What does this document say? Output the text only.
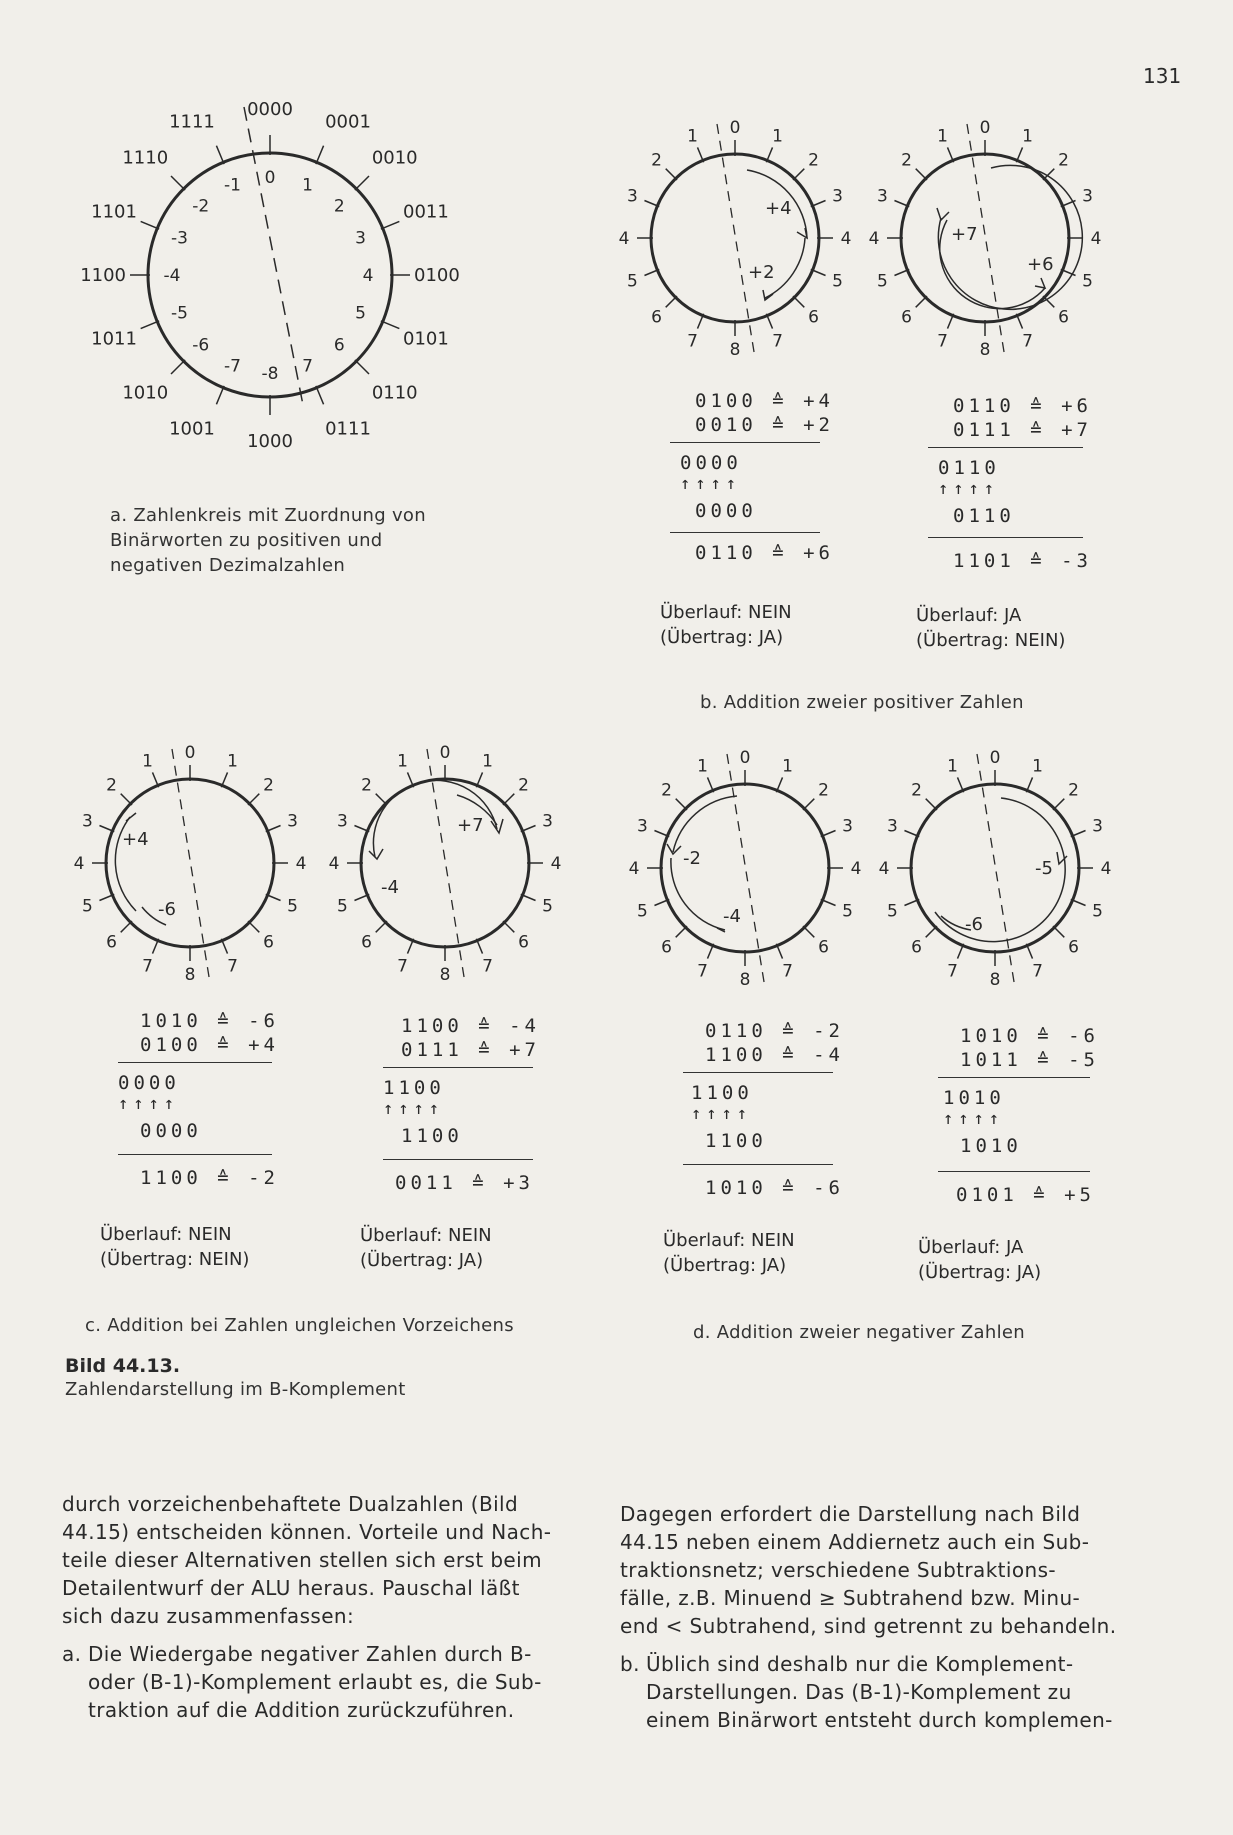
131
0000
0001
0010
0011
0100
0101
0110
0111
1000
1001
1010
1011
1100
1101
1110
1111
0 1
2
3
4
5
6
7
-8
-7
-6
-5
-4
-3
-2
-1
a. Zahlenkreis mit Zuordnung von
Binärworten zu positiven und
negativen Dezimalzahlen
0 1
2
3
4
5
6
7
8
7
6
5
4
3
2
1
+4
+2
0 1
2
3
4
5
6
7
8
7
6
5
4
3
2
1
+7
+6
0 1
2
3
4
5
6
7
8
7
6
5
4
3
2
1
+4
-6
0 1
2
3
4
5
6
7
8
7
6
5
4
3
2
1
+7
-4
0 1
2
3
4
5
6
7
8
7
6
5
4
3
2
1
-2
-4
0 1
2
3
4
5
6
7
8
7
6
5
4
3
2
1
-5
-6
0100 ≙ +4
0010 ≙ +2
0000
↑↑↑↑
0000
0110 ≙ +6
Überlauf: NEIN
(Übertrag: JA)
0110 ≙ +6
0111 ≙ +7
0110
↑↑↑↑
0110
1101 ≙ -3
Überlauf: JA
(Übertrag: NEIN)
b. Addition zweier positiver Zahlen
1010 ≙ -6
0100 ≙ +4
0000
↑↑↑↑
0000
1100 ≙ -2
Überlauf: NEIN
(Übertrag: NEIN)
1100 ≙ -4
0111 ≙ +7
1100
↑↑↑↑
1100
0011 ≙ +3
Überlauf: NEIN
(Übertrag: JA)
c. Addition bei Zahlen ungleichen Vorzeichens
0110 ≙ -2
1100 ≙ -4
1100
↑↑↑↑
1100
1010 ≙ -6
Überlauf: NEIN
(Übertrag: JA)
1010 ≙ -6
1011 ≙ -5
1010
↑↑↑↑
1010
0101 ≙ +5
Überlauf: JA
(Übertrag: JA)
d. Addition zweier negativer Zahlen
Bild 44.13.
Zahlendarstellung im B-Komplement
durch vorzeichenbehaftete Dualzahlen (Bild
44.15) entscheiden können. Vorteile und Nach-
teile dieser Alternativen stellen sich erst beim
Detailentwurf der ALU heraus. Pauschal läßt
sich dazu zusammenfassen:
a. Die Wiedergabe negativer Zahlen durch B-
oder (B-1)-Komplement erlaubt es, die Sub-
traktion auf die Addition zurückzuführen.
Dagegen erfordert die Darstellung nach Bild
44.15 neben einem Addiernetz auch ein Sub-
traktionsnetz; verschiedene Subtraktions-
fälle, z.B. Minuend ≥ Subtrahend bzw. Minu-
end < Subtrahend, sind getrennt zu behandeln.
b. Üblich sind deshalb nur die Komplement-
Darstellungen. Das (B-1)-Komplement zu
einem Binärwort entsteht durch komplemen-
